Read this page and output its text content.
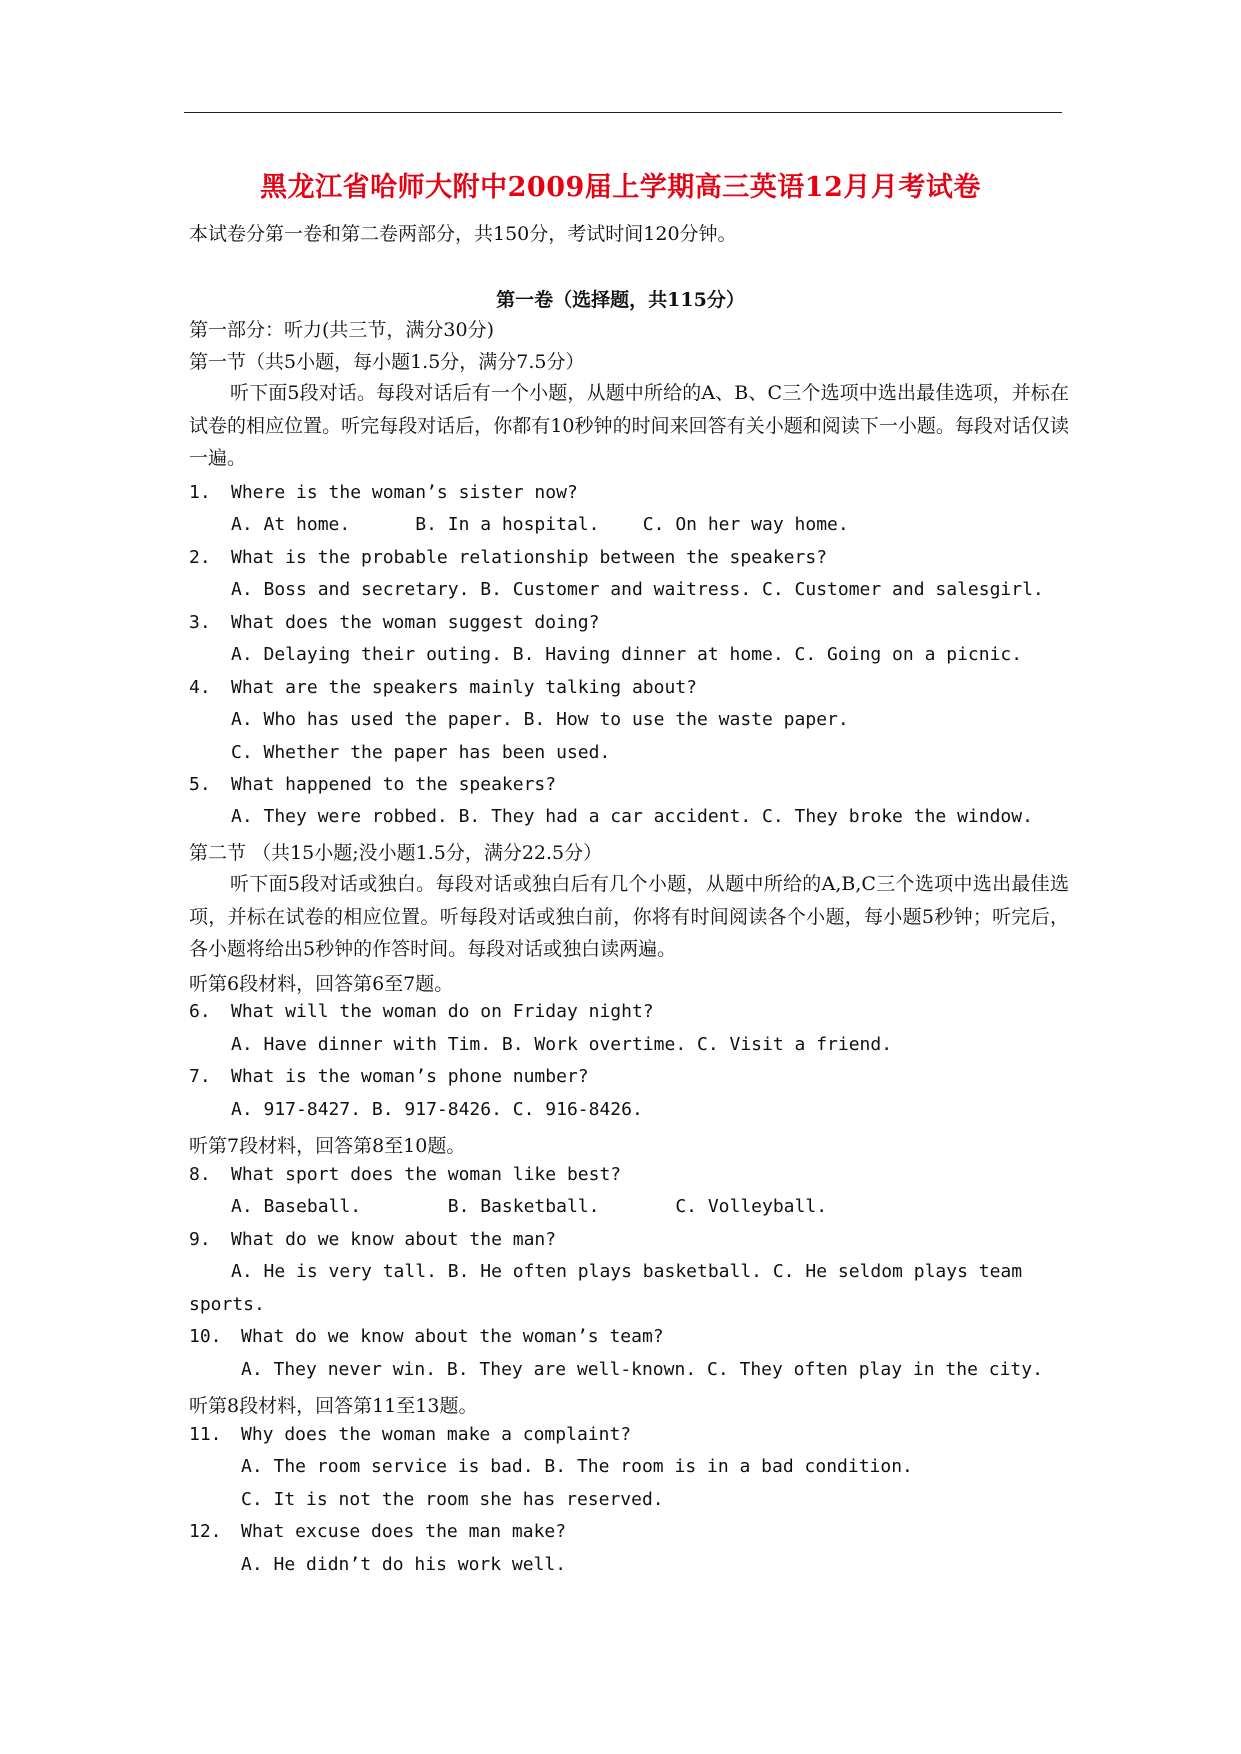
黑龙江省哈师大附中2009届上学期高三英语12月月考试卷
本试卷分第一卷和第二卷两部分，共150分，考试时间120分钟。
第一卷（选择题，共115分）
第一部分：听力(共三节，满分30分)
第一节（共5小题，每小题1.5分，满分7.5分）
听下面5段对话。每段对话后有一个小题，从题中所给的A、B、C三个选项中选出最佳选项，并标在试卷的相应位置。听完每段对话后，你都有10秒钟的时间来回答有关小题和阅读下一小题。每段对话仅读一遍。
1. Where is the woman’s sister now?
A. At home.      B. In a hospital.    C. On her way home.
2. What is the probable relationship between the speakers?
A. Boss and secretary. B. Customer and waitress. C. Customer and salesgirl.
3. What does the woman suggest doing?
A. Delaying their outing. B. Having dinner at home. C. Going on a picnic.
4. What are the speakers mainly talking about?
A. Who has used the paper. B. How to use the waste paper.
C. Whether the paper has been used.
5. What happened to the speakers?
A. They were robbed. B. They had a car accident. C. They broke the window.
第二节 （共15小题;没小题1.5分，满分22.5分）
听下面5段对话或独白。每段对话或独白后有几个小题，从题中所给的A,B,C三个选项中选出最佳选项，并标在试卷的相应位置。听每段对话或独白前，你将有时间阅读各个小题，每小题5秒钟；听完后，各小题将给出5秒钟的作答时间。每段对话或独白读两遍。
听第6段材料，回答第6至7题。
6. What will the woman do on Friday night?
A. Have dinner with Tim. B. Work overtime. C. Visit a friend.
7. What is the woman’s phone number?
A. 917-8427. B. 917-8426. C. 916-8426.
听第7段材料，回答第8至10题。
8. What sport does the woman like best?
A. Baseball.        B. Basketball.       C. Volleyball.
9. What do we know about the man?
A. He is very tall. B. He often plays basketball. C. He seldom plays team
sports.
10. What do we know about the woman’s team?
A. They never win. B. They are well-known. C. They often play in the city.
听第8段材料，回答第11至13题。
11. Why does the woman make a complaint?
A. The room service is bad. B. The room is in a bad condition.
C. It is not the room she has reserved.
12. What excuse does the man make?
A. He didn’t do his work well.
